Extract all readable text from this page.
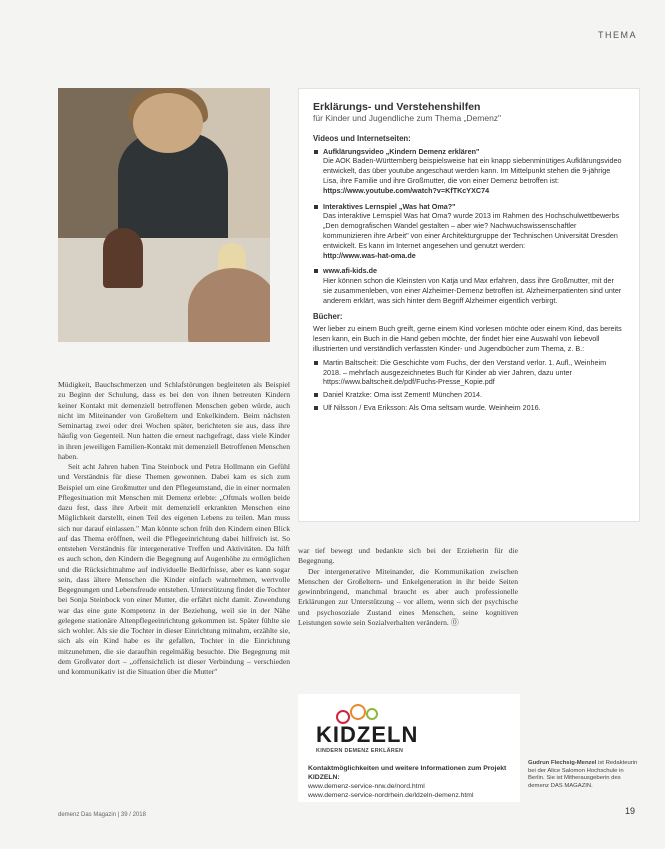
THEMA
Erklärungs- und Verstehenshilfen
für Kinder und Jugendliche zum Thema „Demenz"
Videos und Internetseiten:
Aufklärungsvideo „Kindern Demenz erklären"
Die AOK Baden-Württemberg beispielsweise hat ein knapp siebenminütiges Aufklärungsvideo entwickelt, das über youtube angeschaut werden kann. Im Mittelpunkt stehen die 9-jährige Lisa, ihre Familie und ihre Großmutter, die von einer Demenz betroffen ist:
https://www.youtube.com/watch?v=KfTKcYXC74
Interaktives Lernspiel „Was hat Oma?"
Das interaktive Lernspiel Was hat Oma? wurde 2013 im Rahmen des Hochschulwettbewerbs „Den demografischen Wandel gestalten – aber wie? Nachwuchswissenschaftler kommunizieren ihre Arbeit" von einer Architekturgruppe der Technischen Universität Dresden entwickelt. Es kann im Internet angesehen und genutzt werden:
http://www.was-hat-oma.de
www.afi-kids.de
Hier können schon die Kleinsten von Katja und Max erfahren, dass ihre Großmutter, mit der sie zusammenleben, von einer Alzheimer-Demenz betroffen ist. Alzheimerpatienten sind unter anderem erklärt, was sich hinter dem Begriff Alzheimer eigentlich verbirgt.
Bücher:

Wer lieber zu einem Buch greift, gerne einem Kind vorlesen möchte oder einem Kind, das bereits lesen kann, ein Buch in die Hand geben möchte, der findet hier eine Auswahl von liebevoll illustrierten und verständlich verfassten Kinder- und Jugendbücher zum Thema, z. B.:

Martin Baltscheit: Die Geschichte vom Fuchs, der den Verstand verlor. 1. Aufl., Weinheim 2018. – mehrfach ausgezeichnetes Buch für Kinder ab vier Jahren, dazu unter https://www.baltscheit.de/pdf/Fuchs-Presse_Kopie.pdf
Daniel Kratzke: Oma isst Zement! München 2014.
Ulf Nilsson / Eva Eriksson: Als Oma seltsam wurde. Weinheim 2016.

Müdigkeit, Bauchschmerzen und Schlafstörungen begleiteten als Beispiel zu Beginn der Schulung, dass es bei den von ihnen betreuten Kindern keiner Kontakt mit demenziell betroffenen Menschen geben würde, auch nicht im Miteinander von Großeltern und Enkelkindern. Beim nächsten Seminartag zwei oder drei Wochen später, berichteten sie aus, dass ihre häufig von Gegenteil. Nun hatten die erneut nachgefragt, dass viele Kinder in ihren jeweiligen Familien-Kontakt mit demenziell Betroffenen Menschen haben.

Seit acht Jahren haben Tina Steinbock und Petra Hollmann ein Gefühl und Verständnis für diese Themen gewonnen. Dabei kam es sich zum Beispiel um eine Großmutter und den Pflegeumstand, die in einer normalen Pflegesituation mit Menschen mit Demenz erlebte: „Oftmals wollen beide dazu fest, dass ihre Arbeit mit demenziell erkrankten Menschen eine Möglichkeit darstellt, einen Teil des eigenen Lebens zu teilen. Man muss sich nur darauf einlassen." Man könnte schon früh den Kindern einen Blick auf das Thema eröffnen, weil die Pflegeeinrichtung dabei hilfreich ist. So entstehen Verständnis für intergenerative Treffen und Aktivitäten. Da hilft es auch schon, den Kindern die Begegnung auf Augenhöhe zu ermöglichen und die Rücksichtnahme auf individuelle Bedürfnisse, aber es kann sogar sein, dass ältere Menschen die Kinder einfach wahrnehmen, wertvolle Begegnungen und Lebensfreude entstehen. Unterstützung findet die Tochter bei Sonja Steinbock von einer Mutter, die erfährt nicht damit. Zuwendung war das eine gute Kompetenz in der Beziehung, weil sie in der Nähe gelegene stationäre Altenpflegeeinrichtung gekommen ist. Später fühlte sie sich wohler. Als sie die Tochter in dieser Einrichtung mitnahm, erzählte sie, sich als ein Kind habe es ihr gefallen, Tochter in die Einrichtung mitzunehmen, die sie daraufhin regelmäßig besuchte. Die Begegnung mit dem Großvater dort – „offensichtlich ist dieser Verbindung – verschieden und kommunikativ ist die Situation über die Mutter"

war tief bewegt und bedankte sich bei der Erzieherin für die Begegnung.

Der intergenerative Miteinander, die Kommunikation zwischen Menschen der Großeltern- und Enkelgeneration in ihr beide Seiten gewinnbringend, manchmal braucht es aber auch professionelle Erklärungen zur Unterstützung – vor allem, wenn sich der psychische und psychosoziale Zustand eines Menschen, seine kognitiven Leistungen sowie sein Sozialverhalten verändern. ⓪

KIDZELN
KINDERN DEMENZ ERKLÄREN
Kontaktmöglichkeiten und weitere Informationen zum Projekt KIDZELN:
www.demenz-service-nrw.de/nord.html
www.demenz-service-nordrhein.de/ldzeln-demenz.html
Gudrun Flechsig-Menzel ist Redakteurin bei der Alice Salomon Hochschule in Berlin. Sie ist Mitherausgeberin des demenz DAS MAGAZIN.
demenz Das Magazin | 39 / 2018	19
